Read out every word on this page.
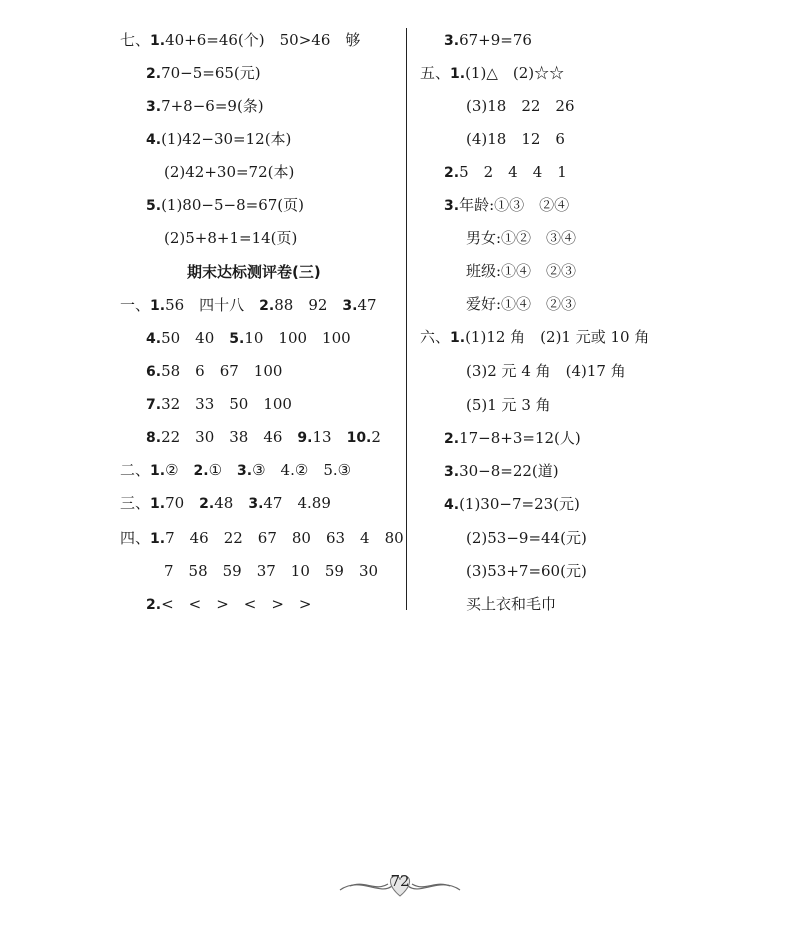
七、1.40+6=46(个)　50>46　够
2.70−5=65(元)
3.7+8−6=9(条)
4.(1)42−30=12(本)
(2)42+30=72(本)
5.(1)80−5−8=67(页)
(2)5+8+1=14(页)
期末达标测评卷(三)
一、1.56　四十八　2.88　92　3.47
4.50　40　5.10　100　100
6.58　6　67　100
7.32　33　50　100
8.22　30　38　46　9.13　10.2
二、1.②　2.①　3.③　4.②　5.③
三、1.70　2.48　3.47　4.89
四、1.7　46　22　67　80　63　4　80
7　58　59　37　10　59　30
2.<　<　>　<　>　>
3.67+9=76
五、1.(1)△　(2)☆☆
(3)18　22　26
(4)18　12　6
2.5　2　4　4　1
3.年龄:①③　②④
男女:①②　③④
班级:①④　②③
爱好:①④　②③
六、1.(1)12 角　(2)1 元或 10 角
(3)2 元 4 角　(4)17 角
(5)1 元 3 角
2.17−8+3=12(人)
3.30−8=22(道)
4.(1)30−7=23(元)
(2)53−9=44(元)
(3)53+7=60(元)
买上衣和毛巾
72
